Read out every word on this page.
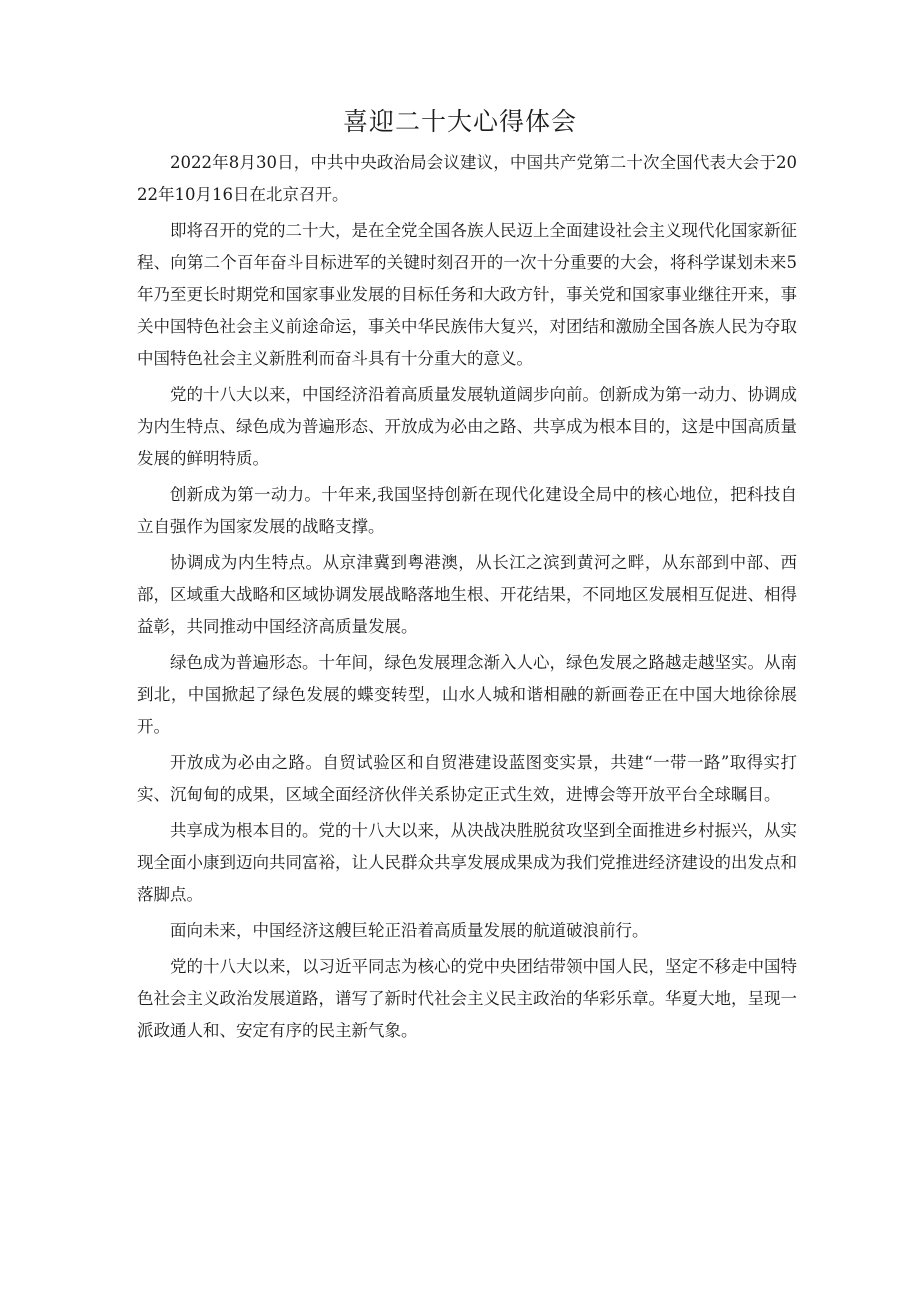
喜迎二十大心得体会

2022年8月30日，中共中央政治局会议建议，中国共产党第二十次全国代表大会于2022年10月16日在北京召开。

即将召开的党的二十大，是在全党全国各族人民迈上全面建设社会主义现代化国家新征程、向第二个百年奋斗目标进军的关键时刻召开的一次十分重要的大会，将科学谋划未来5年乃至更长时期党和国家事业发展的目标任务和大政方针，事关党和国家事业继往开来，事关中国特色社会主义前途命运，事关中华民族伟大复兴，对团结和激励全国各族人民为夺取中国特色社会主义新胜利而奋斗具有十分重大的意义。

党的十八大以来，中国经济沿着高质量发展轨道阔步向前。创新成为第一动力、协调成为内生特点、绿色成为普遍形态、开放成为必由之路、共享成为根本目的，这是中国高质量发展的鲜明特质。

创新成为第一动力。十年来,我国坚持创新在现代化建设全局中的核心地位，把科技自立自强作为国家发展的战略支撑。

协调成为内生特点。从京津冀到粤港澳，从长江之滨到黄河之畔，从东部到中部、西部，区域重大战略和区域协调发展战略落地生根、开花结果，不同地区发展相互促进、相得益彰，共同推动中国经济高质量发展。

绿色成为普遍形态。十年间，绿色发展理念渐入人心，绿色发展之路越走越坚实。从南到北，中国掀起了绿色发展的蝶变转型，山水人城和谐相融的新画卷正在中国大地徐徐展开。

开放成为必由之路。自贸试验区和自贸港建设蓝图变实景，共建“一带一路”取得实打实、沉甸甸的成果，区域全面经济伙伴关系协定正式生效，进博会等开放平台全球瞩目。

共享成为根本目的。党的十八大以来，从决战决胜脱贫攻坚到全面推进乡村振兴，从实现全面小康到迈向共同富裕，让人民群众共享发展成果成为我们党推进经济建设的出发点和落脚点。

面向未来，中国经济这艘巨轮正沿着高质量发展的航道破浪前行。

党的十八大以来，以习近平同志为核心的党中央团结带领中国人民，坚定不移走中国特色社会主义政治发展道路，谱写了新时代社会主义民主政治的华彩乐章。华夏大地，呈现一派政通人和、安定有序的民主新气象。
